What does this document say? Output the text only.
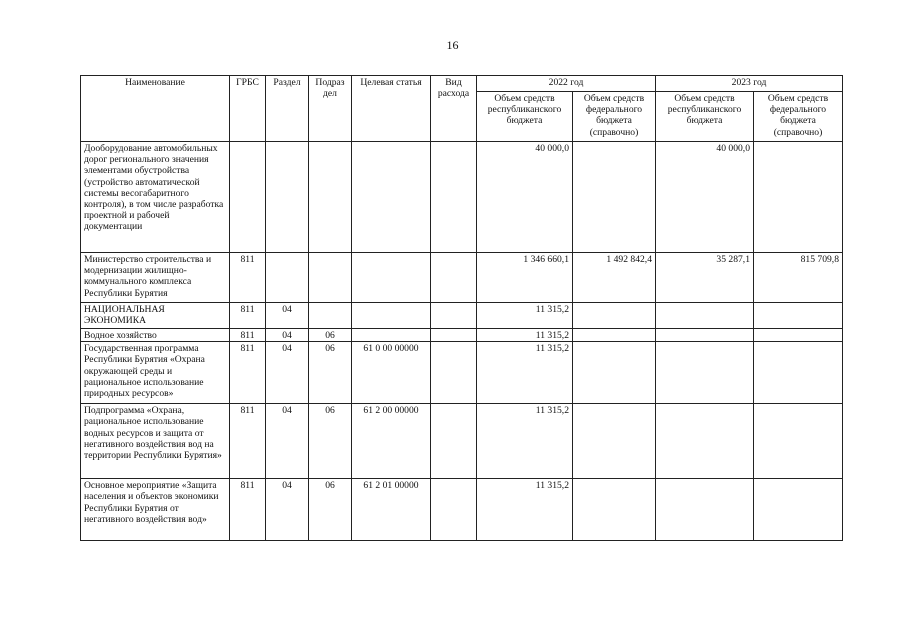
16
Наименование	ГРБС	Раздел	Подраз дел	Целевая статья	Вид расхода	2022 год		2023 год	
						Объем средств республиканского бюджета	Объем средств федерального бюджета (справочно)	Объем средств республиканского бюджета	Объем средств федерального бюджета (справочно)
Дооборудование автомобильных дорог регионального значения элементами обустройства (устройство автоматической системы весогабаритного контроля), в том числе разработка проектной и рабочей документации						40 000,0		40 000,0	
Министерство строительства и модернизации жилищно-коммунального комплекса Республики Бурятия	811					1 346 660,1	1 492 842,4	35 287,1	815 709,8
НАЦИОНАЛЬНАЯ ЭКОНОМИКА	811	04				11 315,2			
Водное хозяйство	811	04	06			11 315,2			
Государственная программа Республики Бурятия «Охрана окружающей среды и рациональное использование природных ресурсов»	811	04	06	61 0 00 00000		11 315,2			
Подпрограмма «Охрана, рациональное использование водных ресурсов и защита от негативного воздействия вод на территории Республики Бурятия»	811	04	06	61 2 00 00000		11 315,2			
Основное мероприятие «Защита населения и объектов экономики Республики Бурятия от негативного воздействия вод»	811	04	06	61 2 01 00000		11 315,2			
